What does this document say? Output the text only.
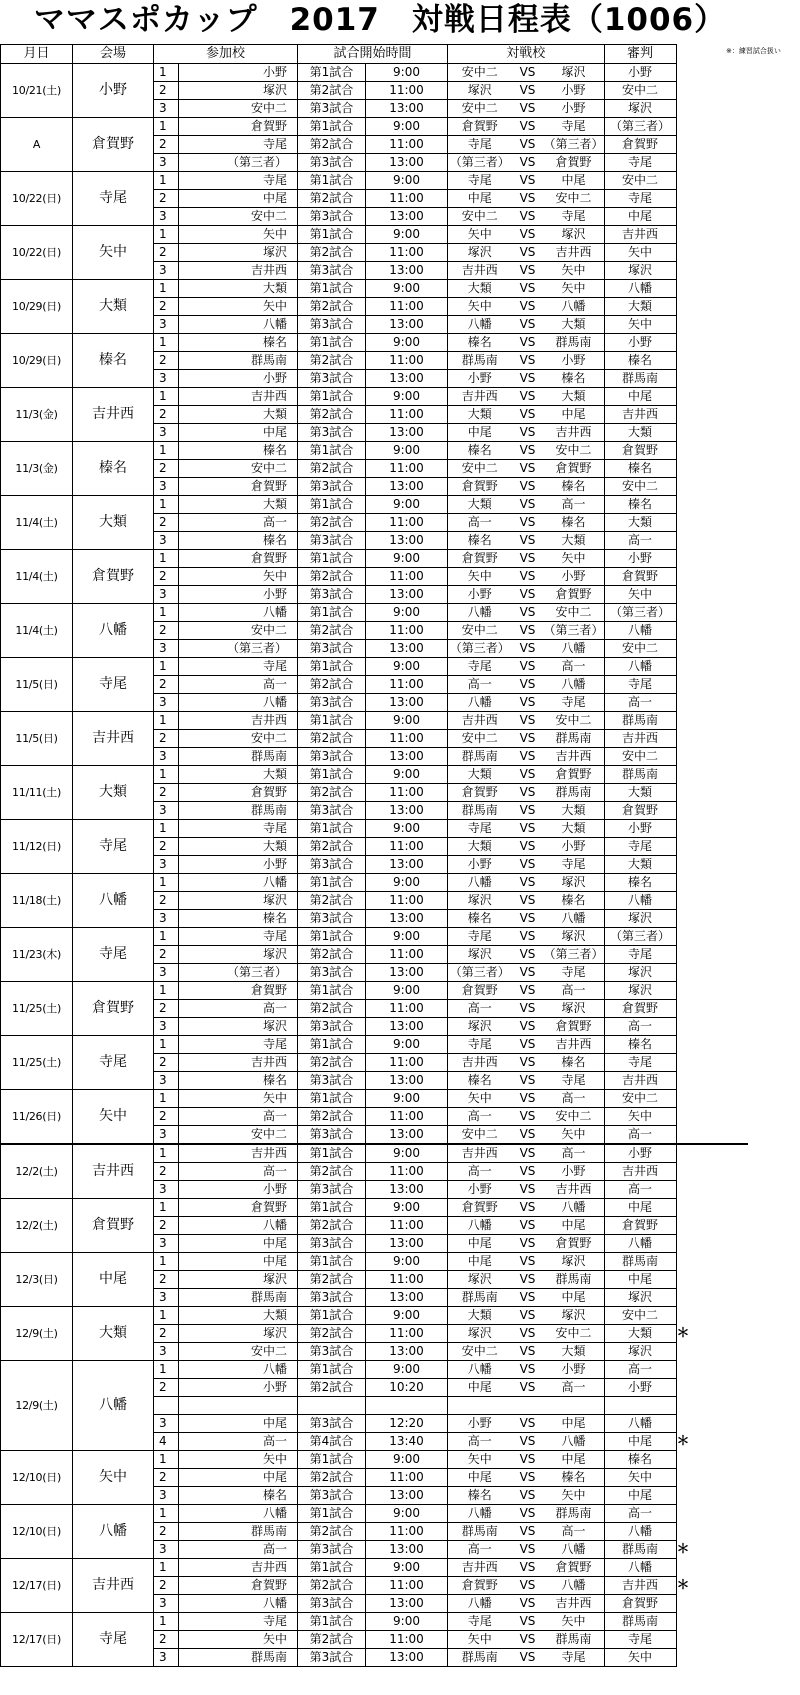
ママスポカップ　2017　対戦日程表（1006）
※：練習試合扱い
月日	会場	参加校		試合開始時間		対戦校			審判	
10/21(土)	小野	1	小野	第1試合	9:00	安中二	VS	塚沢	小野	
		2	塚沢	第2試合	11:00	塚沢	VS	小野	安中二	
		3	安中二	第3試合	13:00	安中二	VS	小野	塚沢	
A	倉賀野	1	倉賀野	第1試合	9:00	倉賀野	VS	寺尾	（第三者）	
		2	寺尾	第2試合	11:00	寺尾	VS	（第三者）	倉賀野	
		3	（第三者）	第3試合	13:00	（第三者）	VS	倉賀野	寺尾	
10/22(日)	寺尾	1	寺尾	第1試合	9:00	寺尾	VS	中尾	安中二	
		2	中尾	第2試合	11:00	中尾	VS	安中二	寺尾	
		3	安中二	第3試合	13:00	安中二	VS	寺尾	中尾	
10/22(日)	矢中	1	矢中	第1試合	9:00	矢中	VS	塚沢	吉井西	
		2	塚沢	第2試合	11:00	塚沢	VS	吉井西	矢中	
		3	吉井西	第3試合	13:00	吉井西	VS	矢中	塚沢	
10/29(日)	大類	1	大類	第1試合	9:00	大類	VS	矢中	八幡	
		2	矢中	第2試合	11:00	矢中	VS	八幡	大類	
		3	八幡	第3試合	13:00	八幡	VS	大類	矢中	
10/29(日)	榛名	1	榛名	第1試合	9:00	榛名	VS	群馬南	小野	
		2	群馬南	第2試合	11:00	群馬南	VS	小野	榛名	
		3	小野	第3試合	13:00	小野	VS	榛名	群馬南	
11/3(金)	吉井西	1	吉井西	第1試合	9:00	吉井西	VS	大類	中尾	
		2	大類	第2試合	11:00	大類	VS	中尾	吉井西	
		3	中尾	第3試合	13:00	中尾	VS	吉井西	大類	
11/3(金)	榛名	1	榛名	第1試合	9:00	榛名	VS	安中二	倉賀野	
		2	安中二	第2試合	11:00	安中二	VS	倉賀野	榛名	
		3	倉賀野	第3試合	13:00	倉賀野	VS	榛名	安中二	
11/4(土)	大類	1	大類	第1試合	9:00	大類	VS	高一	榛名	
		2	高一	第2試合	11:00	高一	VS	榛名	大類	
		3	榛名	第3試合	13:00	榛名	VS	大類	高一	
11/4(土)	倉賀野	1	倉賀野	第1試合	9:00	倉賀野	VS	矢中	小野	
		2	矢中	第2試合	11:00	矢中	VS	小野	倉賀野	
		3	小野	第3試合	13:00	小野	VS	倉賀野	矢中	
11/4(土)	八幡	1	八幡	第1試合	9:00	八幡	VS	安中二	（第三者）	
		2	安中二	第2試合	11:00	安中二	VS	（第三者）	八幡	
		3	（第三者）	第3試合	13:00	（第三者）	VS	八幡	安中二	
11/5(日)	寺尾	1	寺尾	第1試合	9:00	寺尾	VS	高一	八幡	
		2	高一	第2試合	11:00	高一	VS	八幡	寺尾	
		3	八幡	第3試合	13:00	八幡	VS	寺尾	高一	
11/5(日)	吉井西	1	吉井西	第1試合	9:00	吉井西	VS	安中二	群馬南	
		2	安中二	第2試合	11:00	安中二	VS	群馬南	吉井西	
		3	群馬南	第3試合	13:00	群馬南	VS	吉井西	安中二	
11/11(土)	大類	1	大類	第1試合	9:00	大類	VS	倉賀野	群馬南	
		2	倉賀野	第2試合	11:00	倉賀野	VS	群馬南	大類	
		3	群馬南	第3試合	13:00	群馬南	VS	大類	倉賀野	
11/12(日)	寺尾	1	寺尾	第1試合	9:00	寺尾	VS	大類	小野	
		2	大類	第2試合	11:00	大類	VS	小野	寺尾	
		3	小野	第3試合	13:00	小野	VS	寺尾	大類	
11/18(土)	八幡	1	八幡	第1試合	9:00	八幡	VS	塚沢	榛名	
		2	塚沢	第2試合	11:00	塚沢	VS	榛名	八幡	
		3	榛名	第3試合	13:00	榛名	VS	八幡	塚沢	
11/23(木)	寺尾	1	寺尾	第1試合	9:00	寺尾	VS	塚沢	（第三者）	
		2	塚沢	第2試合	11:00	塚沢	VS	（第三者）	寺尾	
		3	（第三者）	第3試合	13:00	（第三者）	VS	寺尾	塚沢	
11/25(土)	倉賀野	1	倉賀野	第1試合	9:00	倉賀野	VS	高一	塚沢	
		2	高一	第2試合	11:00	高一	VS	塚沢	倉賀野	
		3	塚沢	第3試合	13:00	塚沢	VS	倉賀野	高一	
11/25(土)	寺尾	1	寺尾	第1試合	9:00	寺尾	VS	吉井西	榛名	
		2	吉井西	第2試合	11:00	吉井西	VS	榛名	寺尾	
		3	榛名	第3試合	13:00	榛名	VS	寺尾	吉井西	
11/26(日)	矢中	1	矢中	第1試合	9:00	矢中	VS	高一	安中二	
		2	高一	第2試合	11:00	高一	VS	安中二	矢中	
		3	安中二	第3試合	13:00	安中二	VS	矢中	高一	
12/2(土)	吉井西	1	吉井西	第1試合	9:00	吉井西	VS	高一	小野	
		2	高一	第2試合	11:00	高一	VS	小野	吉井西	
		3	小野	第3試合	13:00	小野	VS	吉井西	高一	
12/2(土)	倉賀野	1	倉賀野	第1試合	9:00	倉賀野	VS	八幡	中尾	
		2	八幡	第2試合	11:00	八幡	VS	中尾	倉賀野	
		3	中尾	第3試合	13:00	中尾	VS	倉賀野	八幡	
12/3(日)	中尾	1	中尾	第1試合	9:00	中尾	VS	塚沢	群馬南	
		2	塚沢	第2試合	11:00	塚沢	VS	群馬南	中尾	
		3	群馬南	第3試合	13:00	群馬南	VS	中尾	塚沢	
12/9(土)	大類	1	大類	第1試合	9:00	大類	VS	塚沢	安中二	
		2	塚沢	第2試合	11:00	塚沢	VS	安中二	大類	＊
		3	安中二	第3試合	13:00	安中二	VS	大類	塚沢	
12/9(土)	八幡	1	八幡	第1試合	9:00	八幡	VS	小野	高一	
		2	小野	第2試合	10:20	中尾	VS	高一	小野	

		3	中尾	第3試合	12:20	小野	VS	中尾	八幡	
		4	高一	第4試合	13:40	高一	VS	八幡	中尾	＊
12/10(日)	矢中	1	矢中	第1試合	9:00	矢中	VS	中尾	榛名	
		2	中尾	第2試合	11:00	中尾	VS	榛名	矢中	
		3	榛名	第3試合	13:00	榛名	VS	矢中	中尾	
12/10(日)	八幡	1	八幡	第1試合	9:00	八幡	VS	群馬南	高一	
		2	群馬南	第2試合	11:00	群馬南	VS	高一	八幡	
		3	高一	第3試合	13:00	高一	VS	八幡	群馬南	＊
12/17(日)	吉井西	1	吉井西	第1試合	9:00	吉井西	VS	倉賀野	八幡	
		2	倉賀野	第2試合	11:00	倉賀野	VS	八幡	吉井西	＊
		3	八幡	第3試合	13:00	八幡	VS	吉井西	倉賀野	
12/17(日)	寺尾	1	寺尾	第1試合	9:00	寺尾	VS	矢中	群馬南	
		2	矢中	第2試合	11:00	矢中	VS	群馬南	寺尾	
		3	群馬南	第3試合	13:00	群馬南	VS	寺尾	矢中	
